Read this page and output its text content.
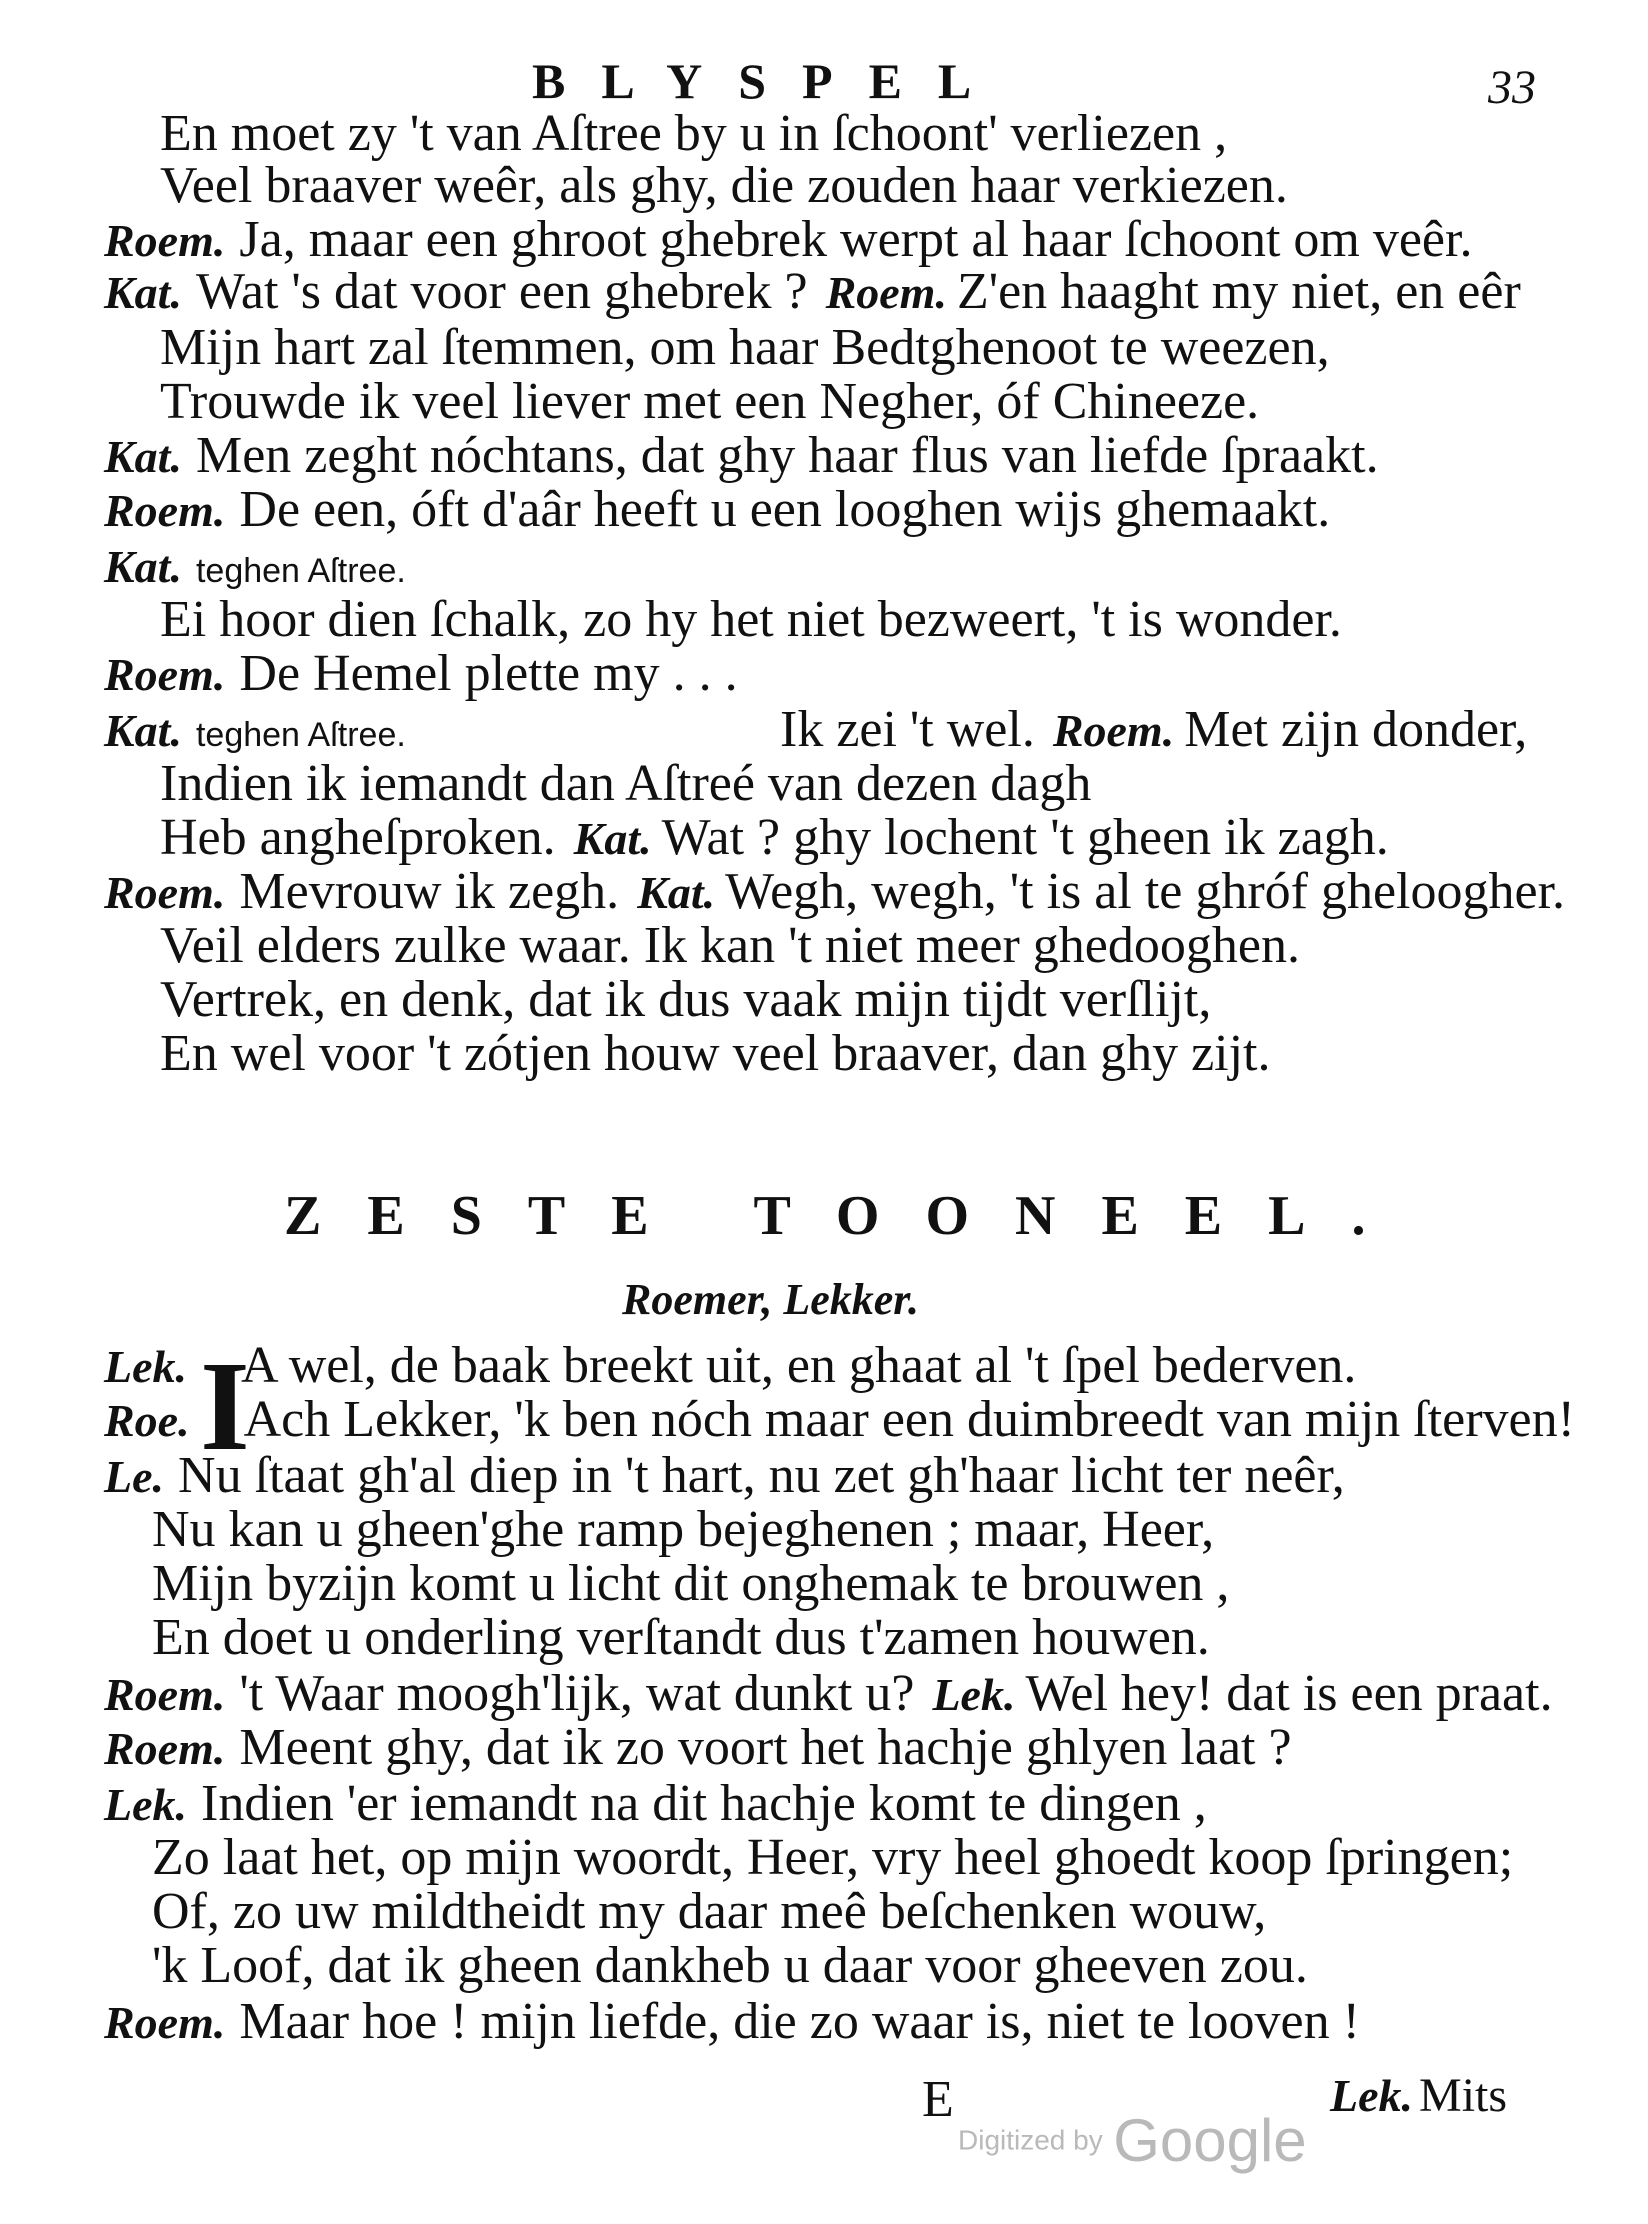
BLYSPEL	33
En moet zy 't van Aſtree by u in ſchoont' verliezen ,
Veel braaver weêr, als ghy, die zouden haar verkiezen.
Roem. Ja, maar een ghroot ghebrek werpt al haar ſchoont om veêr.
Kat. Wat 's dat voor een ghebrek ? Roem. Z'en haaght my niet, en eêr
Mijn hart zal ſtemmen, om haar Bedtghenoot te weezen,
Trouwde ik veel liever met een Negher, óf Chineeze.
Kat. Men zeght nóchtans, dat ghy haar flus van liefde ſpraakt.
Roem. De een, óft d'aâr heeft u een looghen wijs ghemaakt.
Kat. teghen Aſtree.
Ei hoor dien ſchalk, zo hy het niet bezweert, 't is wonder.
Roem. De Hemel plette my . . .
Kat. teghen Aſtree.	Ik zei 't wel. Roem. Met zijn donder,
Indien ik iemandt dan Aſtreé van dezen dagh
Heb angheſproken. Kat. Wat ? ghy lochent 't gheen ik zagh.
Roem. Mevrouw ik zegh. Kat. Wegh, wegh, 't is al te ghróf gheloogher.
Veil elders zulke waar. Ik kan 't niet meer ghedooghen.
Vertrek, en denk, dat ik dus vaak mijn tijdt verſlijt,
En wel voor 't zótjen houw veel braaver, dan ghy zijt.
ZESTE TOONEEL.
Roemer, Lekker.
I
Lek. A wel, de baak breekt uit, en ghaat al 't ſpel bederven.
Roe. Ach Lekker, 'k ben nóch maar een duimbreedt van mijn ſterven!
Le. Nu ſtaat gh'al diep in 't hart, nu zet gh'haar licht ter neêr,
Nu kan u gheen'ghe ramp bejeghenen ; maar, Heer,
Mijn byzijn komt u licht dit onghemak te brouwen ,
En doet u onderling verſtandt dus t'zamen houwen.
Roem. 't Waar moogh'lijk, wat dunkt u? Lek. Wel hey! dat is een praat.
Roem. Meent ghy, dat ik zo voort het hachje ghlyen laat ?
Lek. Indien 'er iemandt na dit hachje komt te dingen ,
Zo laat het, op mijn woordt, Heer, vry heel ghoedt koop ſpringen;
Of, zo uw mildtheidt my daar meê beſchenken wouw,
'k Loof, dat ik gheen dankheb u daar voor gheeven zou.
Roem. Maar hoe ! mijn liefde, die zo waar is, niet te looven !
E	Lek. Mits
Digitized by Google
